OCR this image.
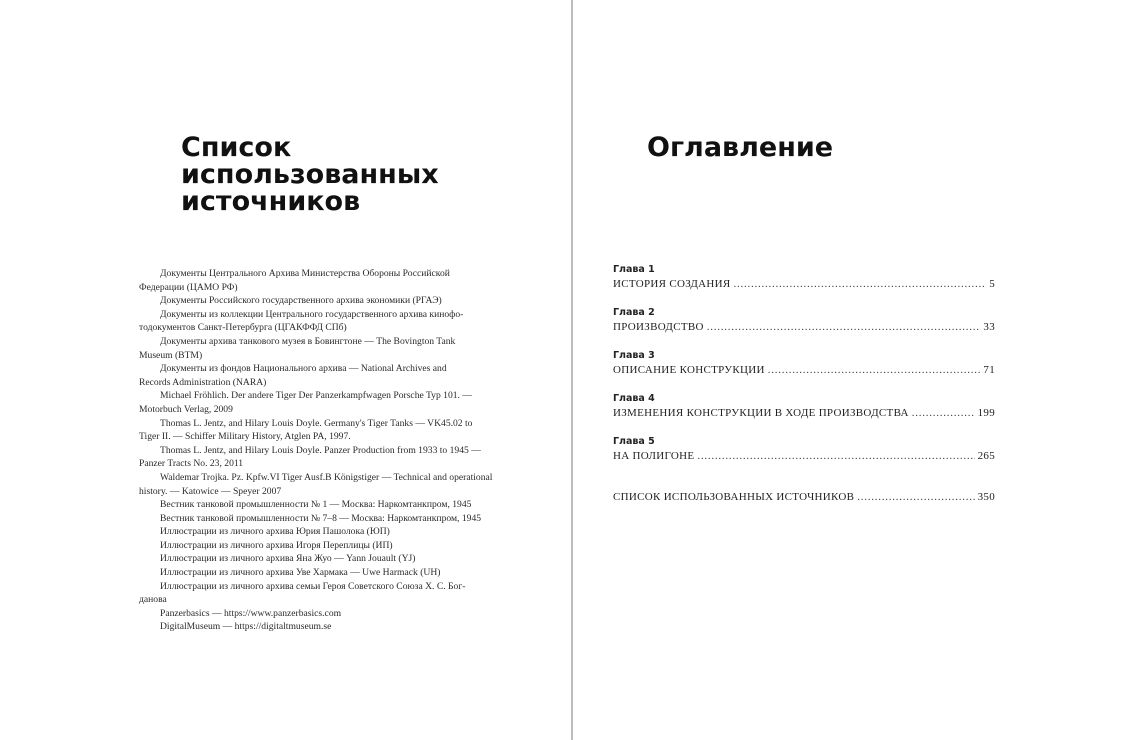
Список
использованных
источников

Документы Центрального Архива Министерства Обороны Российской
Федерации (ЦАМО РФ)

Документы Российского государственного архива экономики (РГАЭ)

Документы из коллекции Центрального государственного архива кинофо-
тодокументов Санкт-Петербурга (ЦГАКФФД СПб)

Документы архива танкового музея в Бовингтоне — The Bovington Tank
Museum (BTM)

Документы из фондов Национального архива — National Archives and
Records Administration (NARA)

Michael Fröhlich. Der andere Tiger Der Panzerkampfwagen Porsche Typ 101. —
Motorbuch Verlag, 2009

Thomas L. Jentz, and Hilary Louis Doyle. Germany's Tiger Tanks — VK45.02 to
Tiger II. — Schiffer Military History, Atglen PA, 1997.

Thomas L. Jentz, and Hilary Louis Doyle. Panzer Production from 1933 to 1945 —
Panzer Tracts No. 23, 2011

Waldemar Trojka. Pz. Kpfw.VI Tiger Ausf.B Königstiger — Technical and operational
history. — Katowice — Speyer 2007

Вестник танковой промышленности № 1 — Москва: Наркомтанкпром, 1945

Вестник танковой промышленности № 7–8 — Москва: Наркомтанкпром, 1945

Иллюстрации из личного архива Юрия Пашолока (ЮП)

Иллюстрации из личного архива Игоря Переплицы (ИП)

Иллюстрации из личного архива Яна Жуо — Yann Jouault (YJ)

Иллюстрации из личного архива Уве Хармака — Uwe Harmack (UH)

Иллюстрации из личного архива семьи Героя Советского Союза Х. С. Бог-
данова

Panzerbasics — https://www.panzerbasics.com

DigitalMuseum — https://digitaltmuseum.se

Оглавление

Глава 1

ИСТОРИЯ СОЗДАНИЯ . . .	5

Глава 2

ПРОИЗВОДСТВО . . .	33

Глава 3

ОПИСАНИЕ КОНСТРУКЦИИ . . .	71

Глава 4

ИЗМЕНЕНИЯ КОНСТРУКЦИИ В ХОДЕ ПРОИЗВОДСТВА . . .	199

Глава 5

НА ПОЛИГОНЕ . . .	265
СПИСОК ИСПОЛЬЗОВАННЫХ ИСТОЧНИКОВ . . .	350
